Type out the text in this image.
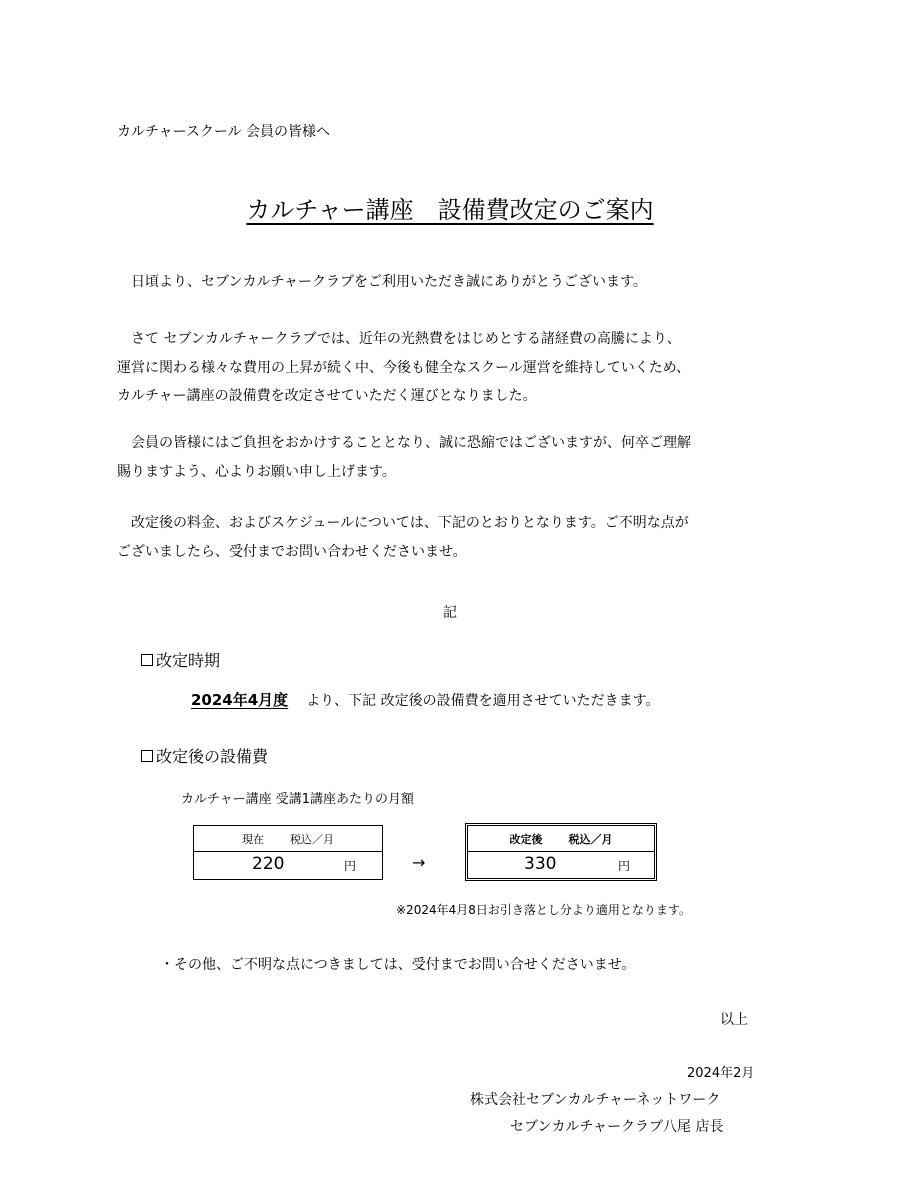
カルチャースクール 会員の皆様へ
カルチャー講座　設備費改定のご案内
　日頃より、セブンカルチャークラブをご利用いただき誠にありがとうございます。
　さて セブンカルチャークラブでは、近年の光熱費をはじめとする諸経費の高騰により、
運営に関わる様々な費用の上昇が続く中、今後も健全なスクール運営を維持していくため、
カルチャー講座の設備費を改定させていただく運びとなりました。
　会員の皆様にはご負担をおかけすることとなり、誠に恐縮ではございますが、何卒ご理解
賜りますよう、心よりお願い申し上げます。
　改定後の料金、およびスケジュールについては、下記のとおりとなります。ご不明な点が
ございましたら、受付までお問い合わせくださいませ。
記
改定時期
2024年4月度 より、下記 改定後の設備費を適用させていただきます。
改定後の設備費
カルチャー講座 受講1講座あたりの月額
現在 税込／月
220	円	→
改定後 税込／月
330	円
※2024年4月8日お引き落とし分より適用となります。
・その他、ご不明な点につきましては、受付までお問い合せくださいませ。
以上
2024年2月
株式会社セブンカルチャーネットワーク
セブンカルチャークラブ八尾 店長
